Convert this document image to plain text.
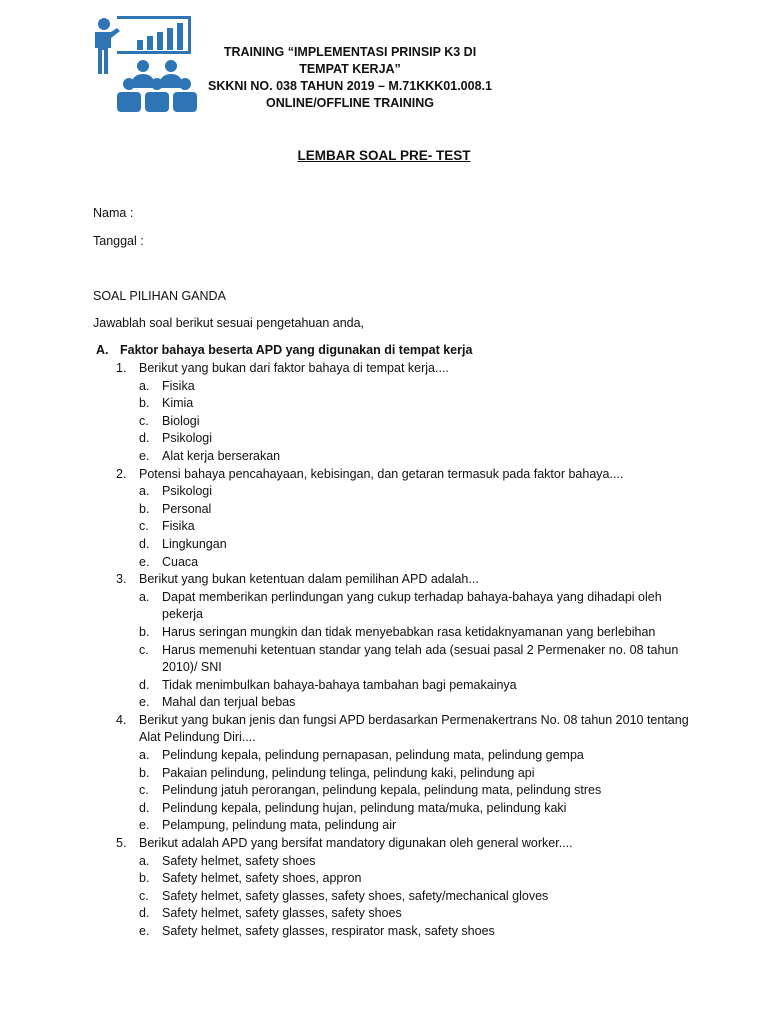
TRAINING “IMPLEMENTASI PRINSIP K3 DI TEMPAT KERJA”
SKKNI NO. 038 TAHUN 2019 – M.71KKK01.008.1
ONLINE/OFFLINE TRAINING
LEMBAR SOAL PRE- TEST
Nama :
Tanggal :
SOAL PILIHAN GANDA
Jawablah soal berikut sesuai pengetahuan anda,
A. Faktor bahaya beserta APD yang digunakan di tempat kerja
1. Berikut yang bukan dari faktor bahaya di tempat kerja....
a. Fisika
b. Kimia
c. Biologi
d. Psikologi
e. Alat kerja berserakan
2. Potensi bahaya pencahayaan, kebisingan, dan getaran termasuk pada faktor bahaya....
a. Psikologi
b. Personal
c. Fisika
d. Lingkungan
e. Cuaca
3. Berikut yang bukan ketentuan dalam pemilihan APD adalah...
a. Dapat memberikan perlindungan yang cukup terhadap bahaya-bahaya yang dihadapi oleh pekerja
b. Harus seringan mungkin dan tidak menyebabkan rasa ketidaknyamanan yang berlebihan
c. Harus memenuhi ketentuan standar yang telah ada (sesuai pasal 2 Permenaker no. 08 tahun 2010)/ SNI
d. Tidak menimbulkan bahaya-bahaya tambahan bagi pemakainya
e. Mahal dan terjual bebas
4. Berikut yang bukan jenis dan fungsi APD berdasarkan Permenakertrans No. 08 tahun 2010 tentang Alat Pelindung Diri....
a. Pelindung kepala, pelindung pernapasan, pelindung mata, pelindung gempa
b. Pakaian pelindung, pelindung telinga, pelindung kaki, pelindung api
c. Pelindung jatuh perorangan, pelindung kepala, pelindung mata, pelindung stres
d. Pelindung kepala, pelindung hujan, pelindung mata/muka, pelindung kaki
e. Pelampung, pelindung mata, pelindung air
5. Berikut adalah APD yang bersifat mandatory digunakan oleh general worker....
a. Safety helmet, safety shoes
b. Safety helmet, safety shoes, appron
c. Safety helmet, safety glasses, safety shoes, safety/mechanical gloves
d. Safety helmet, safety glasses, safety shoes
e. Safety helmet, safety glasses, respirator mask, safety shoes
